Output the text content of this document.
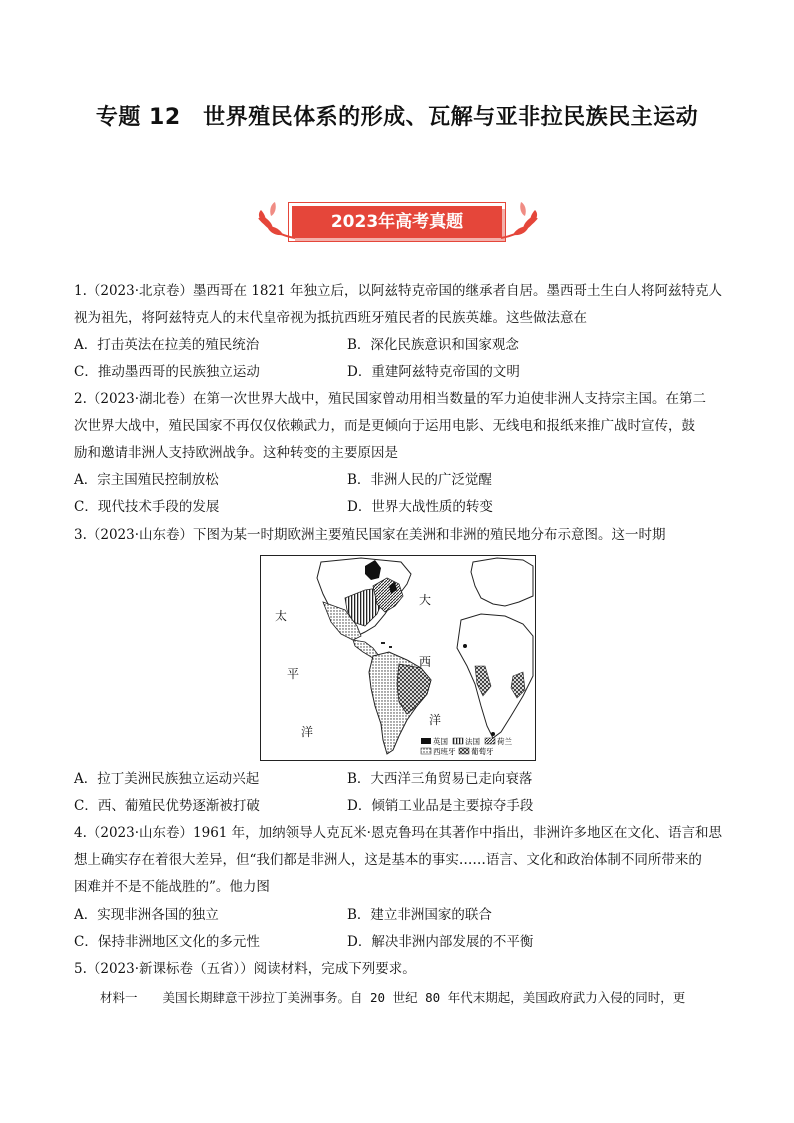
专题 12　世界殖民体系的形成、瓦解与亚非拉民族民主运动
2023年高考真题
1.（2023·北京卷）墨西哥在 1821 年独立后，以阿兹特克帝国的继承者自居。墨西哥土生白人将阿兹特克人
视为祖先，将阿兹特克人的末代皇帝视为抵抗西班牙殖民者的民族英雄。这些做法意在
A．打击英法在拉美的殖民统治	B．深化民族意识和国家观念
C．推动墨西哥的民族独立运动	D．重建阿兹特克帝国的文明
2.（2023·湖北卷）在第一次世界大战中，殖民国家曾动用相当数量的军力迫使非洲人支持宗主国。在第二
次世界大战中，殖民国家不再仅仅依赖武力，而是更倾向于运用电影、无线电和报纸来推广战时宣传，鼓
励和邀请非洲人支持欧洲战争。这种转变的主要原因是
A．宗主国殖民控制放松	B．非洲人民的广泛觉醒
C．现代技术手段的发展	D．世界大战性质的转变
3.（2023·山东卷）下图为某一时期欧洲主要殖民国家在美洲和非洲的殖民地分布示意图。这一时期
太
平
洋
大
西
洋
英国 法国 荷兰
西班牙 葡萄牙
A．拉丁美洲民族独立运动兴起	B．大西洋三角贸易已走向衰落
C．西、葡殖民优势逐渐被打破	D．倾销工业品是主要掠夺手段
4.（2023·山东卷）1961 年，加纳领导人克瓦米·恩克鲁玛在其著作中指出，非洲许多地区在文化、语言和思
想上确实存在着很大差异，但“我们都是非洲人，这是基本的事实……语言、文化和政治体制不同所带来的
困难并不是不能战胜的”。他力图
A．实现非洲各国的独立	B．建立非洲国家的联合
C．保持非洲地区文化的多元性	D．解决非洲内部发展的不平衡
5.（2023·新课标卷（五省））阅读材料，完成下列要求。
材料一　　美国长期肆意干涉拉丁美洲事务。自 20 世纪 80 年代末期起，美国政府武力入侵的同时，更
